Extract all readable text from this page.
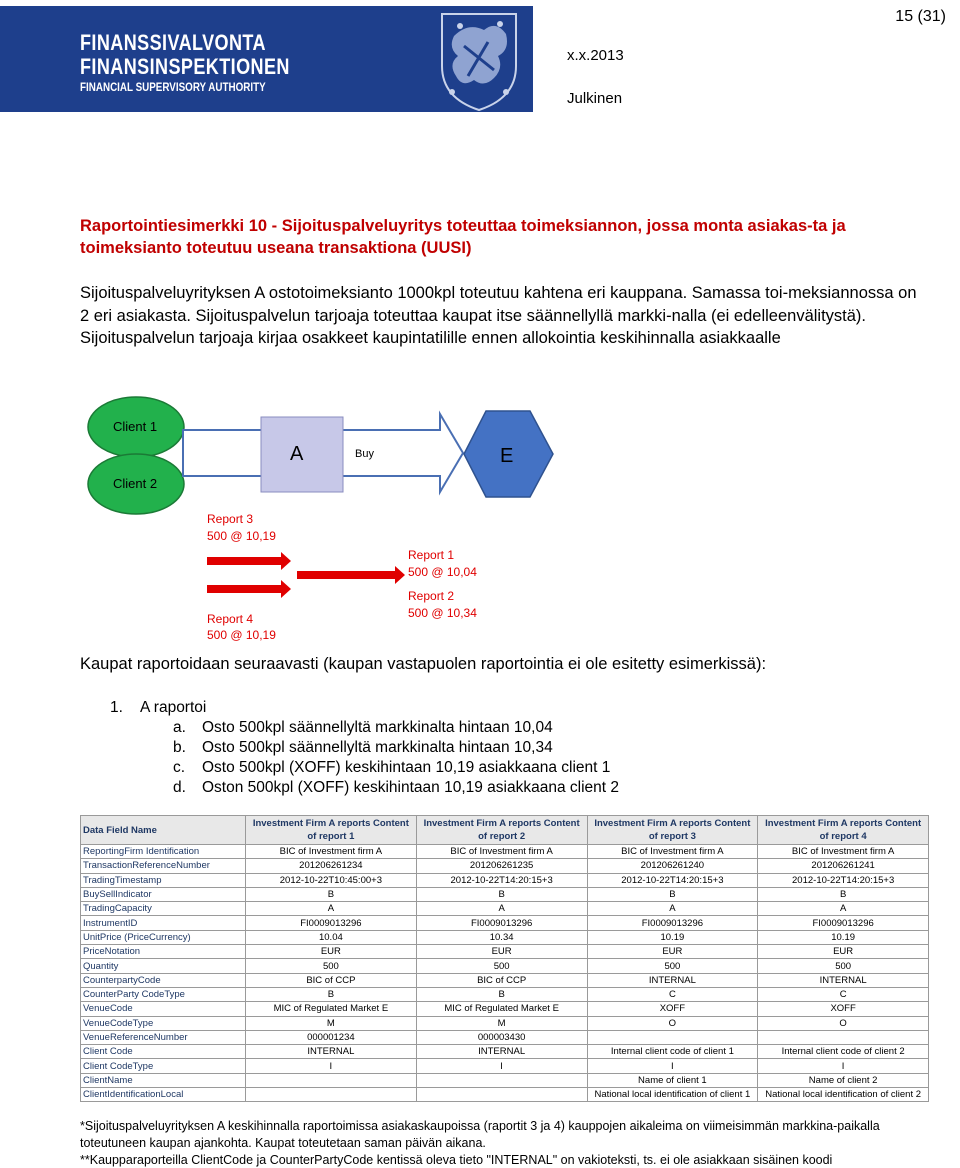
FINANSSIVALVONTA
FINANSINSPEKTIONEN
FINANCIAL SUPERVISORY AUTHORITY
15 (31)
x.x.2013
Julkinen
Raportointiesimerkki 10 - Sijoituspalveluyritys toteuttaa toimeksiannon, jossa monta asiakas-ta ja toimeksianto toteutuu useana transaktiona (UUSI)
Sijoituspalveluyrityksen A ostotoimeksianto 1000kpl toteutuu kahtena eri kauppana. Samassa toi-meksiannossa on 2 eri asiakasta. Sijoituspalvelun tarjoaja toteuttaa kaupat itse säännellyllä markki-nalla (ei edelleenvälitystä). Sijoituspalvelun tarjoaja kirjaa osakkeet kaupintatilille ennen allokointia keskihinnalla asiakkaalle
Client 1
Client 2
A	Buy	E
Report 3
500 @ 10,19
Report 4
500 @ 10,19
Report 1
500 @ 10,04
Report 2
500 @ 10,34
Kaupat raportoidaan seuraavasti (kaupan vastapuolen raportointia ei ole esitetty esimerkissä):
1. A raportoi
a. Osto 500kpl säännellyltä markkinalta hintaan 10,04
b. Osto 500kpl säännellyltä markkinalta hintaan 10,34
c. Osto 500kpl (XOFF) keskihintaan 10,19 asiakkaana client 1
d. Oston 500kpl (XOFF) keskihintaan 10,19 asiakkaana client 2
Data Field Name	Investment Firm A reports Content of report 1	Investment Firm A reports Content of report 2	Investment Firm A reports Content of report 3	Investment Firm A reports Content of report 4
ReportingFirm Identification	BIC of Investment firm A	BIC of Investment firm A	BIC of Investment firm A	BIC of Investment firm A
TransactionReferenceNumber	201206261234	201206261235	201206261240	201206261241
TradingTimestamp	2012-10-22T10:45:00+3	2012-10-22T14:20:15+3	2012-10-22T14:20:15+3	2012-10-22T14:20:15+3
BuySellIndicator	B	B	B	B
TradingCapacity	A	A	A	A
InstrumentID	FI0009013296	FI0009013296	FI0009013296	FI0009013296
UnitPrice (PriceCurrency)	10.04	10.34	10.19	10.19
PriceNotation	EUR	EUR	EUR	EUR
Quantity	500	500	500	500
CounterpartyCode	BIC of CCP	BIC of CCP	INTERNAL	INTERNAL
CounterParty CodeType	B	B	C	C
VenueCode	MIC of Regulated Market E	MIC of Regulated Market E	XOFF	XOFF
VenueCodeType	M	M	O	O
VenueReferenceNumber	000001234	000003430		
Client Code	INTERNAL	INTERNAL	Internal client code of client 1	Internal client code of client 2
Client CodeType	I	I	I	I
ClientName			Name of client 1	Name of client 2
ClientIdentificationLocal			National local identification of client 1	National local identification of client 2
*Sijoituspalveluyrityksen A keskihinnalla raportoimissa asiakaskaupoissa (raportit 3 ja 4) kauppojen aikaleima on viimeisimmän markkina-paikalla toteutuneen kaupan ajankohta. Kaupat toteutetaan saman päivän aikana.
**Kaupparaporteilla ClientCode ja CounterPartyCode kentissä oleva tieto "INTERNAL" on vakioteksti, ts. ei ole asiakkaan sisäinen koodi
